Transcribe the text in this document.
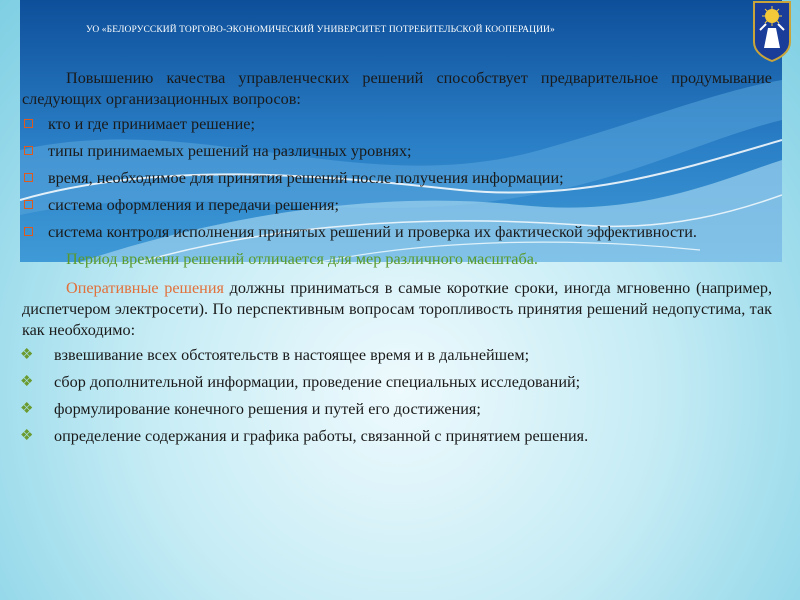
УО «БЕЛОРУССКИЙ ТОРГОВО-ЭКОНОМИЧЕСКИЙ УНИВЕРСИТЕТ ПОТРЕБИТЕЛЬСКОЙ КООПЕРАЦИИ»

Повышению качества управленческих решений способствует предварительное продумывание следующих организационных вопросов:

кто и где принимает решение;
типы принимаемых решений на различных уровнях;
время, необходимое для принятия решений после получения информации;
система оформления и передачи решения;
система контроля исполнения принятых решений и проверка их фактической эффективности.

Период времени решений отличается для мер различного масштаба.

Оперативные решения должны приниматься в самые короткие сроки, иногда мгновенно (например, диспетчером электросети). По перспективным вопросам торопливость принятия решений недопустима, так как необходимо:

❖ взвешивание всех обстоятельств в настоящее время и в дальнейшем;
❖ сбор дополнительной информации, проведение специальных исследований;
❖ формулирование конечного решения и путей его достижения;
❖ определение содержания и графика работы, связанной с принятием решения.
